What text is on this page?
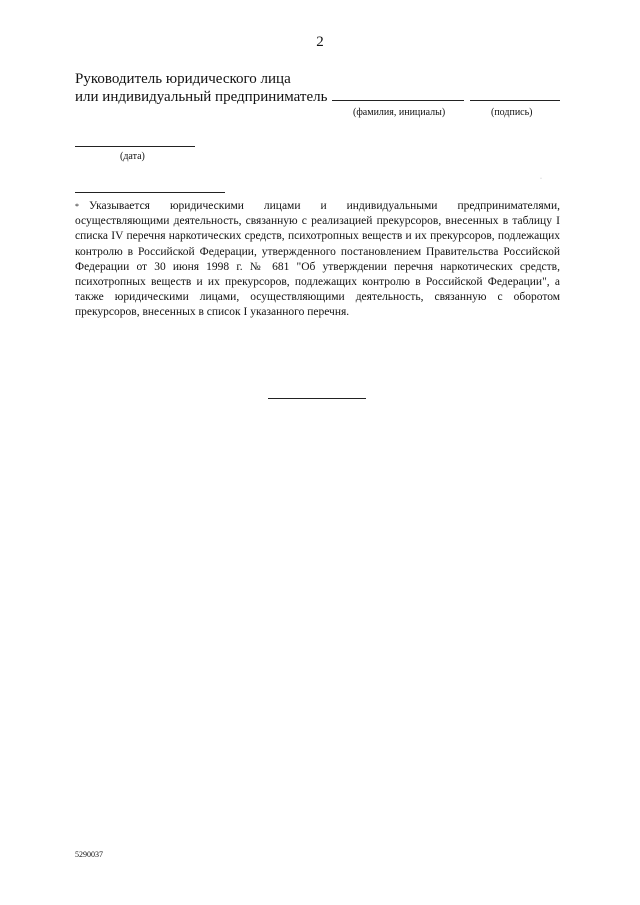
2
Руководитель юридического лица
или индивидуальный предприниматель
(фамилия, инициалы)	(подпись)
(дата)
·
* Указывается юридическими лицами и индивидуальными предпринимателями, осуществляющими деятельность, связанную с реализацией прекурсоров, внесенных в таблицу I списка IV перечня наркотических средств, психотропных веществ и их прекурсоров, подлежащих контролю в Российской Федерации, утвержденного постановлением Правительства Российской Федерации от 30 июня 1998 г. № 681 "Об утверждении перечня наркотических средств, психотропных веществ и их прекурсоров, подлежащих контролю в Российской Федерации", а также юридическими лицами, осуществляющими деятельность, связанную с оборотом прекурсоров, внесенных в список I указанного перечня.
5290037
